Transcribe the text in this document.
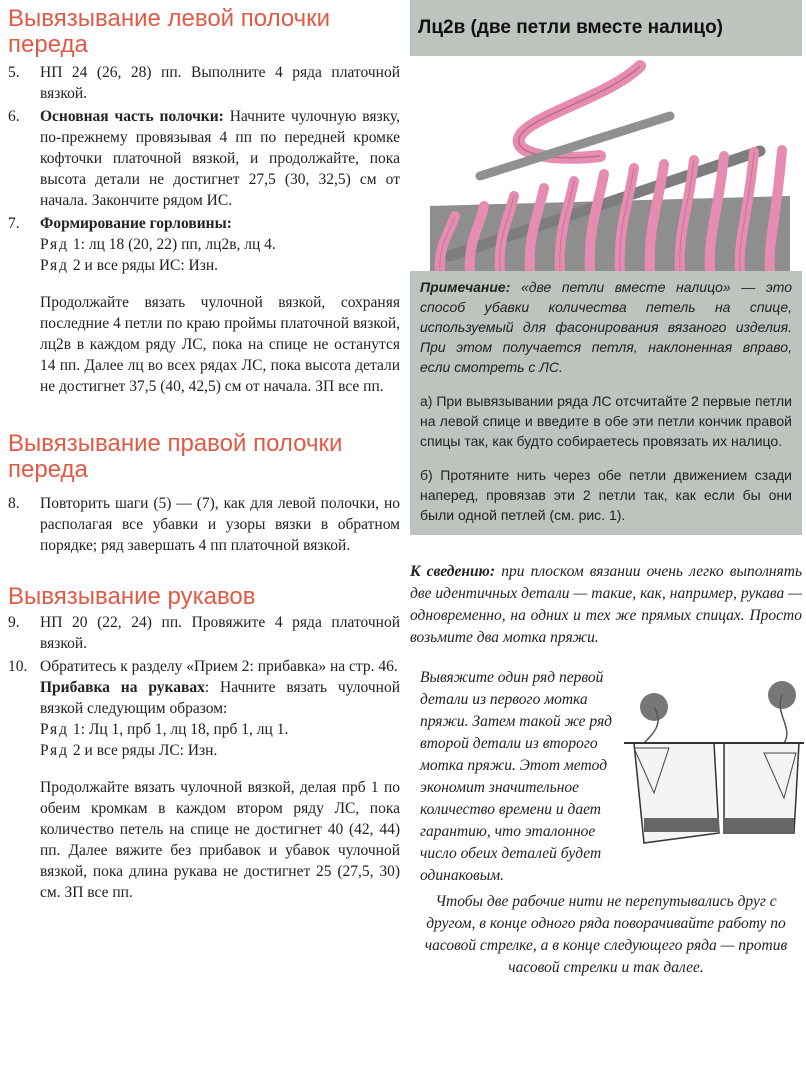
Вывязывание левой полочки переда
5. НП 24 (26, 28) пп. Выполните 4 ряда платочной вязкой.
6. Основная часть полочки: Начните чулочную вязку, по-прежнему провязывая 4 пп по передней кромке кофточки платочной вязкой, и продолжайте, пока высота детали не достигнет 27,5 (30, 32,5) см от начала. Закончите рядом ИС.
7. Формирование горловины:
Ряд 1: лц 18 (20, 22) пп, лц2в, лц 4.
Ряд 2 и все ряды ИС: Изн.
Продолжайте вязать чулочной вязкой, сохраняя последние 4 петли по краю проймы платочной вязкой, лц2в в каждом ряду ЛС, пока на спице не останутся 14 пп. Далее лц во всех рядах ЛС, пока высота детали не достигнет 37,5 (40, 42,5) см от начала. ЗП все пп.
Вывязывание правой полочки переда
8. Повторить шаги (5) — (7), как для левой полочки, но располагая все убавки и узоры вязки в обратном порядке; ряд завершать 4 пп платочной вязкой.
Вывязывание рукавов
9. НП 20 (22, 24) пп. Провяжите 4 ряда платочной вязкой.
10. Обратитесь к разделу «Прием 2: прибавка» на стр. 46.
Прибавка на рукавах: Начните вязать чулочной вязкой следующим образом:
Ряд 1: Лц 1, прб 1, лц 18, прб 1, лц 1.
Ряд 2 и все ряды ЛС: Изн.
Продолжайте вязать чулочной вязкой, делая прб 1 по обеим кромкам в каждом втором ряду ЛС, пока количество петель на спице не достигнет 40 (42, 44) пп. Далее вяжите без прибавок и убавок чулочной вязкой, пока длина рукава не достигнет 25 (27,5, 30) см. ЗП все пп.
Лц2в (две петли вместе налицо)

Примечание: «две петли вместе налицо» — это способ убавки количества петель на спице, используемый для фасонирования вязаного изделия. При этом получается петля, наклоненная вправо, если смотреть с ЛС.

а) При вывязывании ряда ЛС отсчитайте 2 первые петли на левой спице и введите в обе эти петли кончик правой спицы так, как будто собираетесь провязать их налицо.

б) Протяните нить через обе петли движением сзади наперед, провязав эти 2 петли так, как если бы они были одной петлей (см. рис. 1).

К сведению: при плоском вязании очень легко выполнять две идентичных детали — такие, как, например, рукава — одновременно, на одних и тех же прямых спицах. Просто возьмите два мотка пряжи.
Вывяжите один ряд первой детали из первого мотка пряжи. Затем такой же ряд второй детали из второго мотка пряжи. Этот метод экономит значительное количество времени и дает гарантию, что эталонное число обеих деталей будет одинаковым.
Чтобы две рабочие нити не перепутывались друг с другом, в конце одного ряда поворачивайте работу по часовой стрелке, а в конце следующего ряда — против часовой стрелки и так далее.
